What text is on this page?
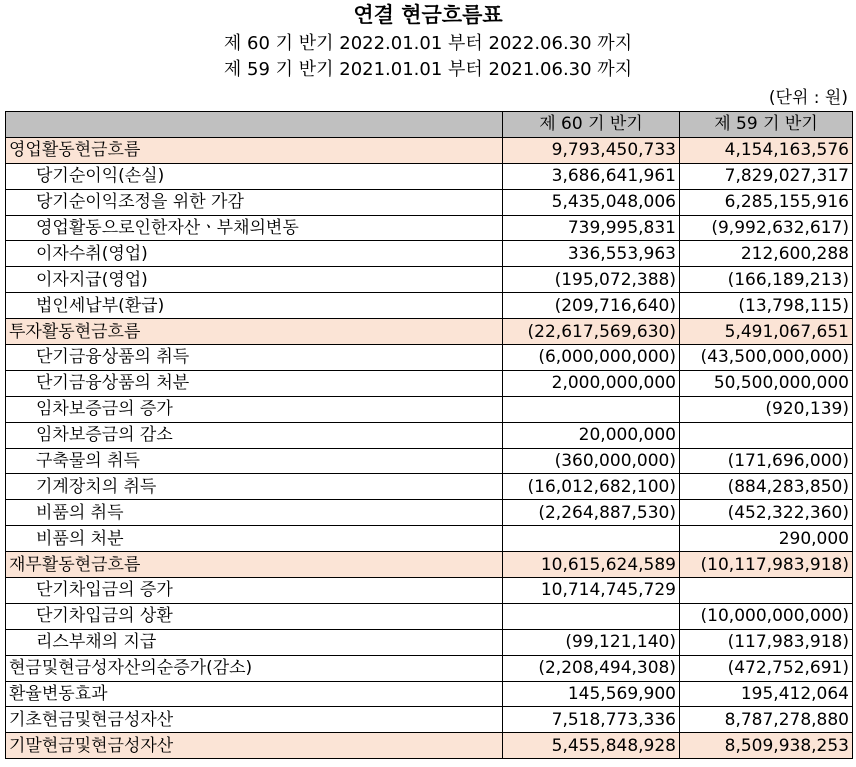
연결 현금흐름표
제 60 기 반기 2022.01.01 부터 2022.06.30 까지
제 59 기 반기 2021.01.01 부터 2021.06.30 까지
(단위 : 원)
	제 60 기 반기	제 59 기 반기
영업활동현금흐름	9,793,450,733	4,154,163,576
당기순이익(손실)	3,686,641,961	7,829,027,317
당기순이익조정을 위한 가감	5,435,048,006	6,285,155,916
영업활동으로인한자산ㆍ부채의변동	739,995,831	(9,992,632,617)
이자수취(영업)	336,553,963	212,600,288
이자지급(영업)	(195,072,388)	(166,189,213)
법인세납부(환급)	(209,716,640)	(13,798,115)
투자활동현금흐름	(22,617,569,630)	5,491,067,651
단기금융상품의 취득	(6,000,000,000)	(43,500,000,000)
단기금융상품의 처분	2,000,000,000	50,500,000,000
임차보증금의 증가		(920,139)
임차보증금의 감소	20,000,000	
구축물의 취득	(360,000,000)	(171,696,000)
기계장치의 취득	(16,012,682,100)	(884,283,850)
비품의 취득	(2,264,887,530)	(452,322,360)
비품의 처분		290,000
재무활동현금흐름	10,615,624,589	(10,117,983,918)
단기차입금의 증가	10,714,745,729	
단기차입금의 상환		(10,000,000,000)
리스부채의 지급	(99,121,140)	(117,983,918)
현금및현금성자산의순증가(감소)	(2,208,494,308)	(472,752,691)
환율변동효과	145,569,900	195,412,064
기초현금및현금성자산	7,518,773,336	8,787,278,880
기말현금및현금성자산	5,455,848,928	8,509,938,253
